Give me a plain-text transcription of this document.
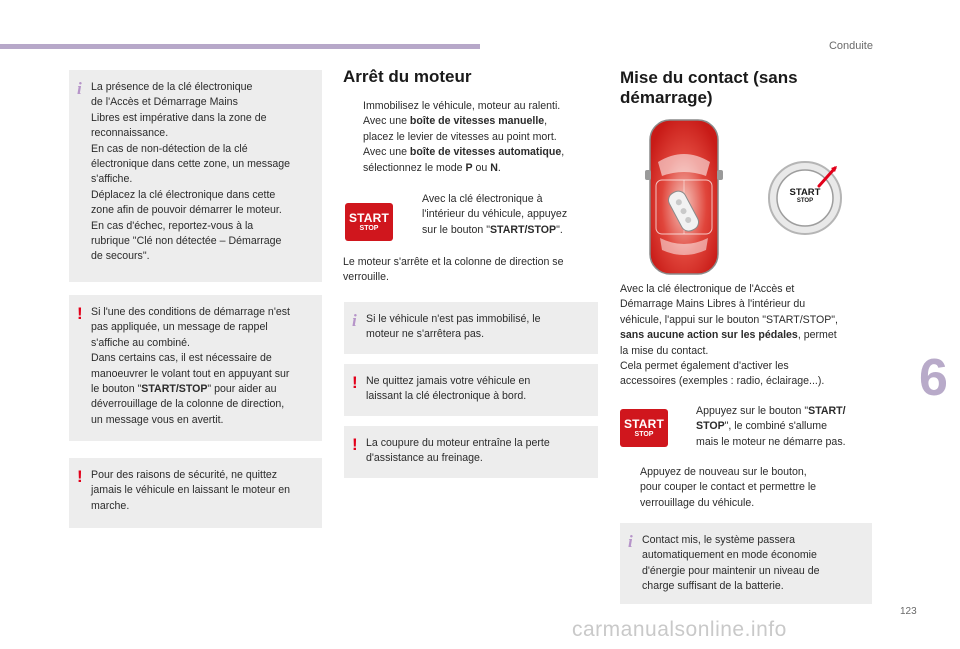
Conduite
6
123
carmanualsonline.info
i La présence de la clé électronique

de l'Accès et Démarrage Mains

Libres est impérative dans la zone de

reconnaissance.

En cas de non-détection de la clé

électronique dans cette zone, un message

s'affiche.

Déplacez la clé électronique dans cette

zone afin de pouvoir démarrer le moteur.

En cas d'échec, reportez-vous à la

rubrique "Clé non détectée – Démarrage

de secours".

! Si l'une des conditions de démarrage n'est

pas appliquée, un message de rappel

s'affiche au combiné.

Dans certains cas, il est nécessaire de

manoeuvrer le volant tout en appuyant sur

le bouton "START/STOP" pour aider au

déverrouillage de la colonne de direction,

un message vous en avertit.

! Pour des raisons de sécurité, ne quittez

jamais le véhicule en laissant le moteur en

marche.

Arrêt du moteur
Immobilisez le véhicule, moteur au ralenti.
Avec une boîte de vitesses manuelle,
placez le levier de vitesses au point mort.
Avec une boîte de vitesses automatique,
sélectionnez le mode P ou N.
START
STOP
Avec la clé électronique à
l'intérieur du véhicule, appuyez
sur le bouton "START/STOP".

Le moteur s'arrête et la colonne de direction se

verrouille.

i Si le véhicule n'est pas immobilisé, le

moteur ne s'arrêtera pas.

! Ne quittez jamais votre véhicule en

laissant la clé électronique à bord.

! La coupure du moteur entraîne la perte

d'assistance au freinage.

Mise du contact (sans
démarrage)
START
STOP

Avec la clé électronique de l'Accès et

Démarrage Mains Libres à l'intérieur du

véhicule, l'appui sur le bouton "START/STOP",

sans aucune action sur les pédales, permet

la mise du contact.

Cela permet également d'activer les

accessoires (exemples : radio, éclairage...).

START
STOP
Appuyez sur le bouton "START/
STOP", le combiné s'allume
mais le moteur ne démarre pas.
Appuyez de nouveau sur le bouton,
pour couper le contact et permettre le
verrouillage du véhicule.
i Contact mis, le système passera

automatiquement en mode économie

d'énergie pour maintenir un niveau de

charge suffisant de la batterie.
